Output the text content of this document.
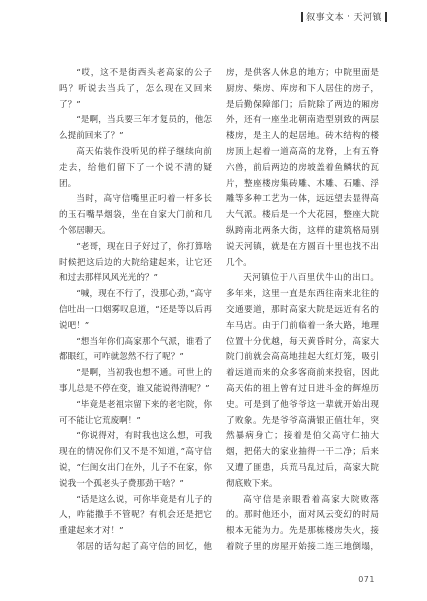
叙事文本 · 天河镇

“哎，这不是街西头老高家的公子吗？听说去当兵了，怎么现在又回来了？”

“是啊，当兵要三年才复员的，他怎么提前回来了？”

高天佑装作没听见的样子继续向前走去，给他们留下了一个说不清的疑团。

当时，高守信嘴里正叼着一杆多长的玉石嘴旱烟袋，坐在自家大门前和几个邻居聊天。

“老哥，现在日子好过了，你打算啥时候把这后边的大院给建起来，让它还和过去那样风风光光的？”

“喊，现在不行了，没那心劲，”高守信吐出一口烟雾叹息道，“还是等以后再说吧！”

“想当年你们高家那个气派，谁看了都眼红，可咋就忽然不行了呢？”

“是啊，当初我也想不通。可世上的事儿总是不停在变，谁又能说得清呢？”

“毕竟是老祖宗留下来的老宅院，你可不能让它荒废啊！”

“你说得对，有时我也这么想，可我现在的情况你们又不是不知道，”高守信说，“仨闺女出门在外，儿子不在家，你说我一个孤老头子费那劲干啥？”

“话是这么说，可你毕竟是有儿子的人，咋能撒手不管呢？有机会还是把它重建起来才对！”

邻居的话勾起了高守信的回忆，他

房，是供客人休息的地方；中院里面是厨房、柴房、库房和下人居住的房子，是后勤保障部门；后院除了两边的厢房外，还有一座坐北朝南造型别致的两层楼房，是主人的起居地。砖木结构的楼房顶上起着一道高高的龙脊，上有五脊六兽，前后两边的房坡盖着鱼鳞状的瓦片，整座楼房集砖雕、木雕、石雕、浮雕等多种工艺为一体，远远望去显得高大气派。楼后是一个大花园，整座大院纵跨南北两条大街，这样的建筑格局别说天河镇，就是在方圆百十里也找不出几个。

天河镇位于八百里伏牛山的出口。多年来，这里一直是东西往南来北往的交通要道，那时高家大院是远近有名的车马店。由于门前临着一条大路，地理位置十分优越，每天黄昏时分，高家大院门前就会高高地挂起大红灯笼，吸引着远道而来的众多客商前来投宿，因此高天佑的祖上曾有过日进斗金的辉煌历史。可是到了他爷爷这一辈就开始出现了败象。先是爷爷高满银正值壮年，突然暴病身亡；接着是伯父高守仁抽大烟，把偌大的家业抽得一干二净；后来又遭了匪患，兵荒马乱过后，高家大院彻底败下来。

高守信是亲眼看着高家大院败落的。那时他还小，面对风云变幻的时局根本无能为力。先是那栋楼房失火，接着院子里的房屋开始接二连三地倒塌，

071
